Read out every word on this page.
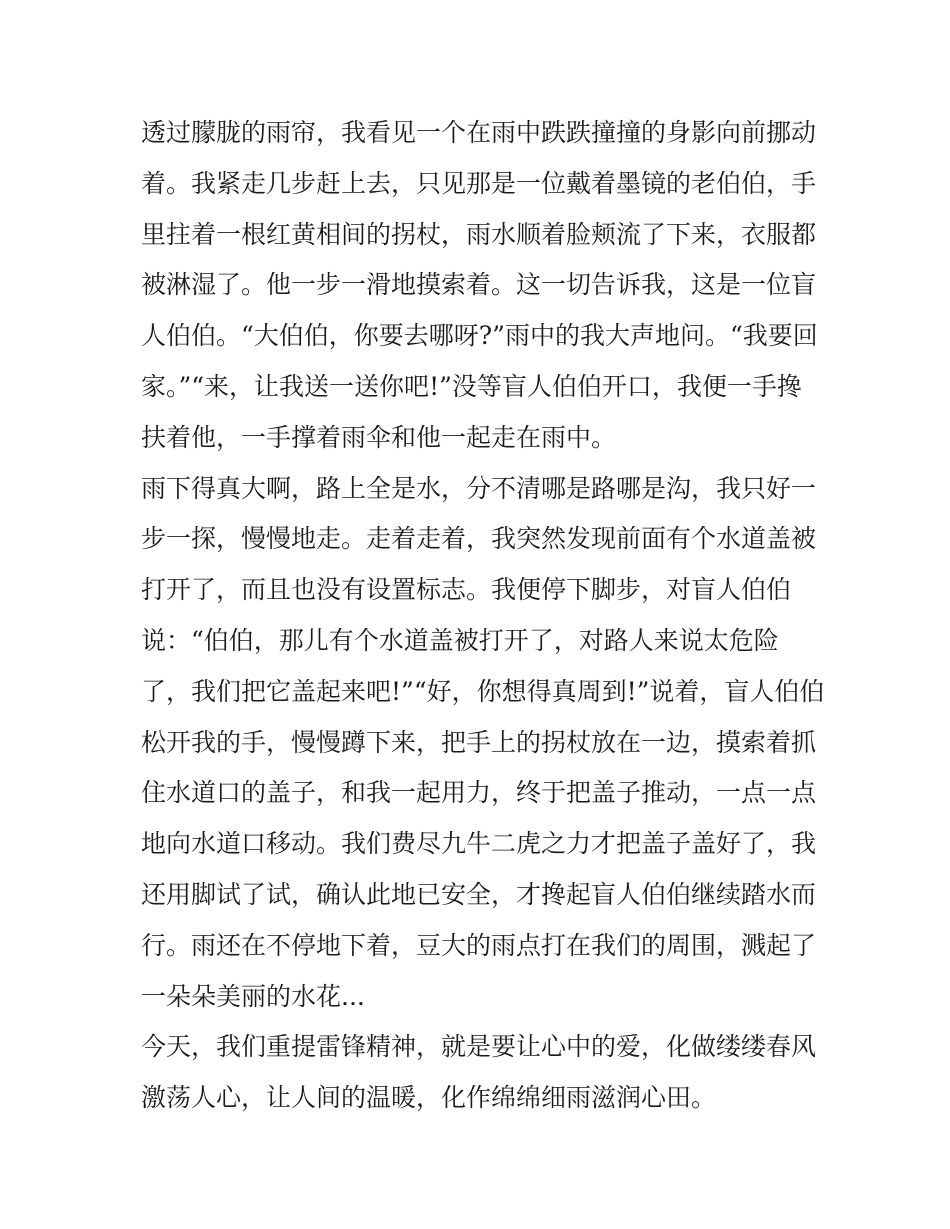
透过朦胧的雨帘，我看见一个在雨中跌跌撞撞的身影向前挪动
着。我紧走几步赶上去，只见那是一位戴着墨镜的老伯伯，手
里拄着一根红黄相间的拐杖，雨水顺着脸颊流了下来，衣服都
被淋湿了。他一步一滑地摸索着。这一切告诉我，这是一位盲
人伯伯。“大伯伯，你要去哪呀?”雨中的我大声地问。“我要回
家。”“来，让我送一送你吧!”没等盲人伯伯开口，我便一手搀
扶着他，一手撑着雨伞和他一起走在雨中。
雨下得真大啊，路上全是水，分不清哪是路哪是沟，我只好一
步一探，慢慢地走。走着走着，我突然发现前面有个水道盖被
打开了，而且也没有设置标志。我便停下脚步，对盲人伯伯
说：“伯伯，那儿有个水道盖被打开了，对路人来说太危险
了，我们把它盖起来吧!”“好，你想得真周到!”说着，盲人伯伯
松开我的手，慢慢蹲下来，把手上的拐杖放在一边，摸索着抓
住水道口的盖子，和我一起用力，终于把盖子推动，一点一点
地向水道口移动。我们费尽九牛二虎之力才把盖子盖好了，我
还用脚试了试，确认此地已安全，才搀起盲人伯伯继续踏水而
行。雨还在不停地下着，豆大的雨点打在我们的周围，溅起了
一朵朵美丽的水花...
今天，我们重提雷锋精神，就是要让心中的爱，化做缕缕春风
激荡人心，让人间的温暖，化作绵绵细雨滋润心田。
